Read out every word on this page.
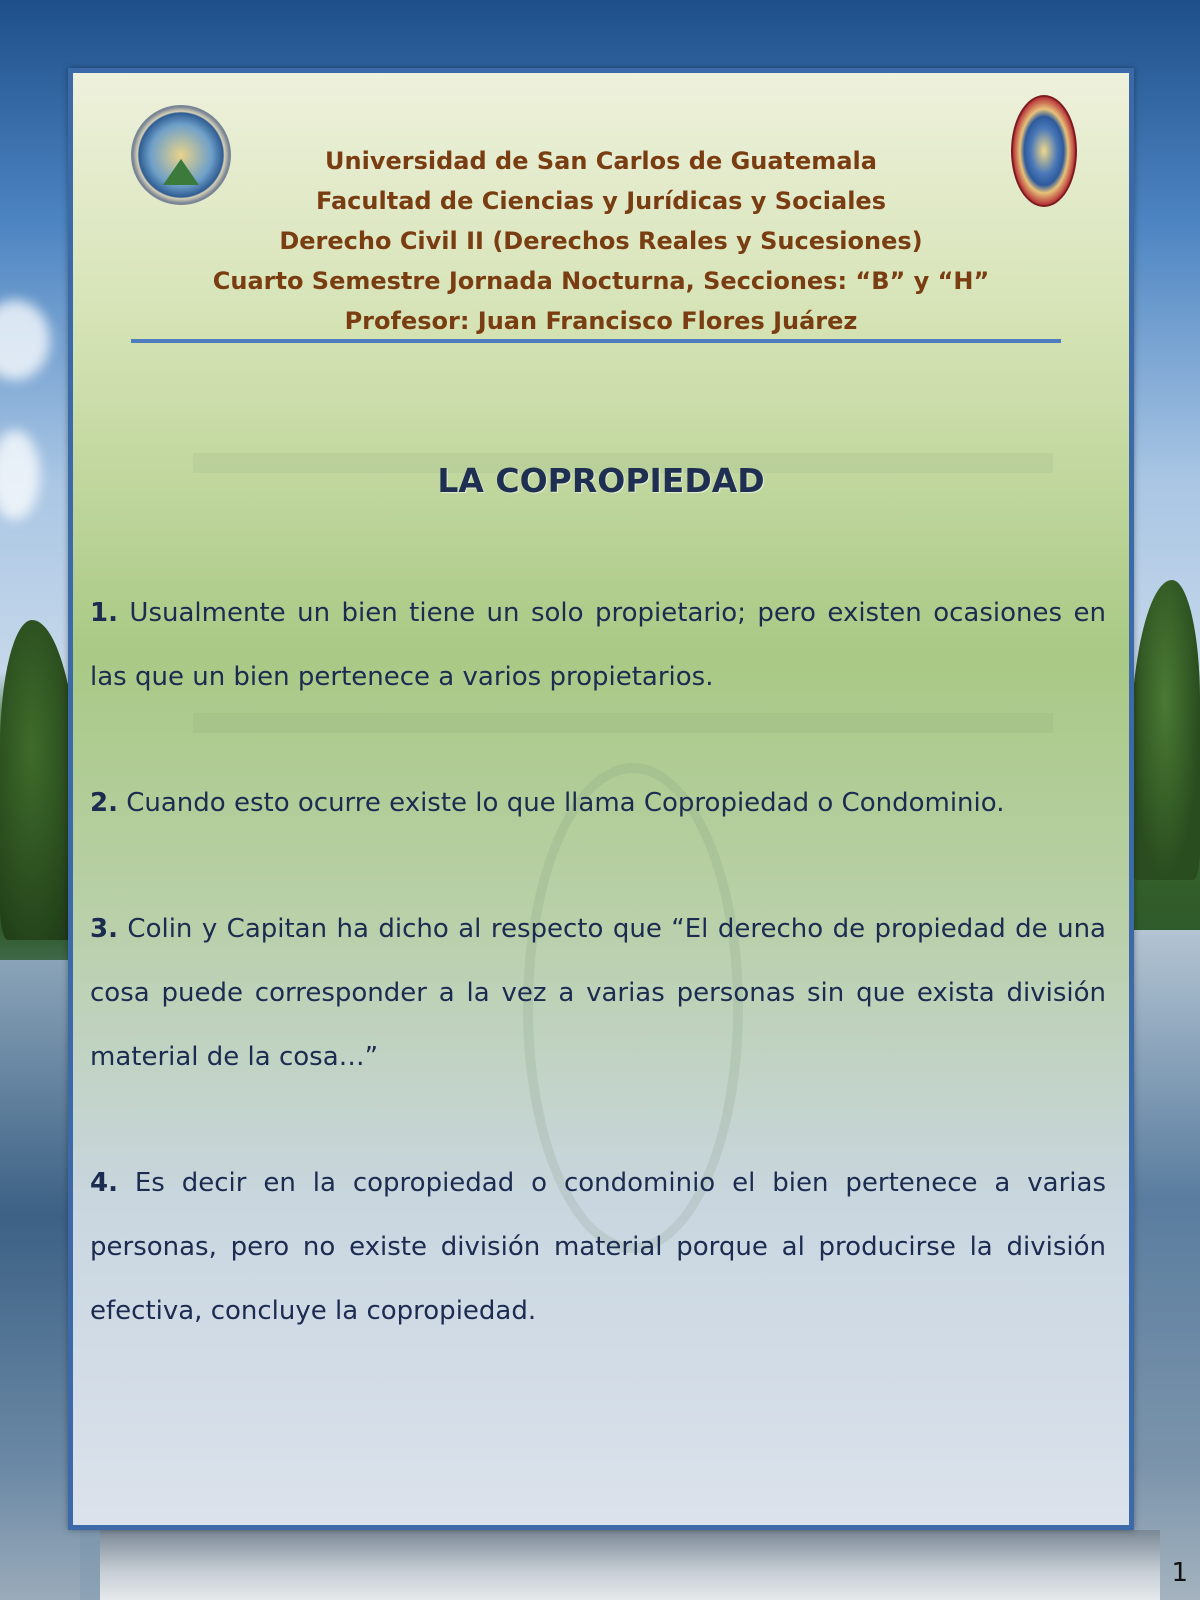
Universidad de San Carlos de Guatemala

Facultad de Ciencias y Jurídicas y Sociales

Derecho Civil II (Derechos Reales y Sucesiones)

Cuarto Semestre Jornada Nocturna, Secciones: “B” y “H”

Profesor: Juan Francisco Flores Juárez

LA COPROPIEDAD

1. Usualmente un bien tiene un solo propietario; pero existen ocasiones en las que un bien pertenece a varios propietarios.

2. Cuando esto ocurre existe lo que llama Copropiedad o Condominio.

3. Colin y Capitan ha dicho al respecto que “El derecho de propiedad de una cosa puede corresponder a la vez a varias personas sin que exista división material de la cosa…”

4. Es decir en la copropiedad o condominio el bien pertenece a varias personas, pero no existe división material porque al producirse la división efectiva, concluye la copropiedad.

1
